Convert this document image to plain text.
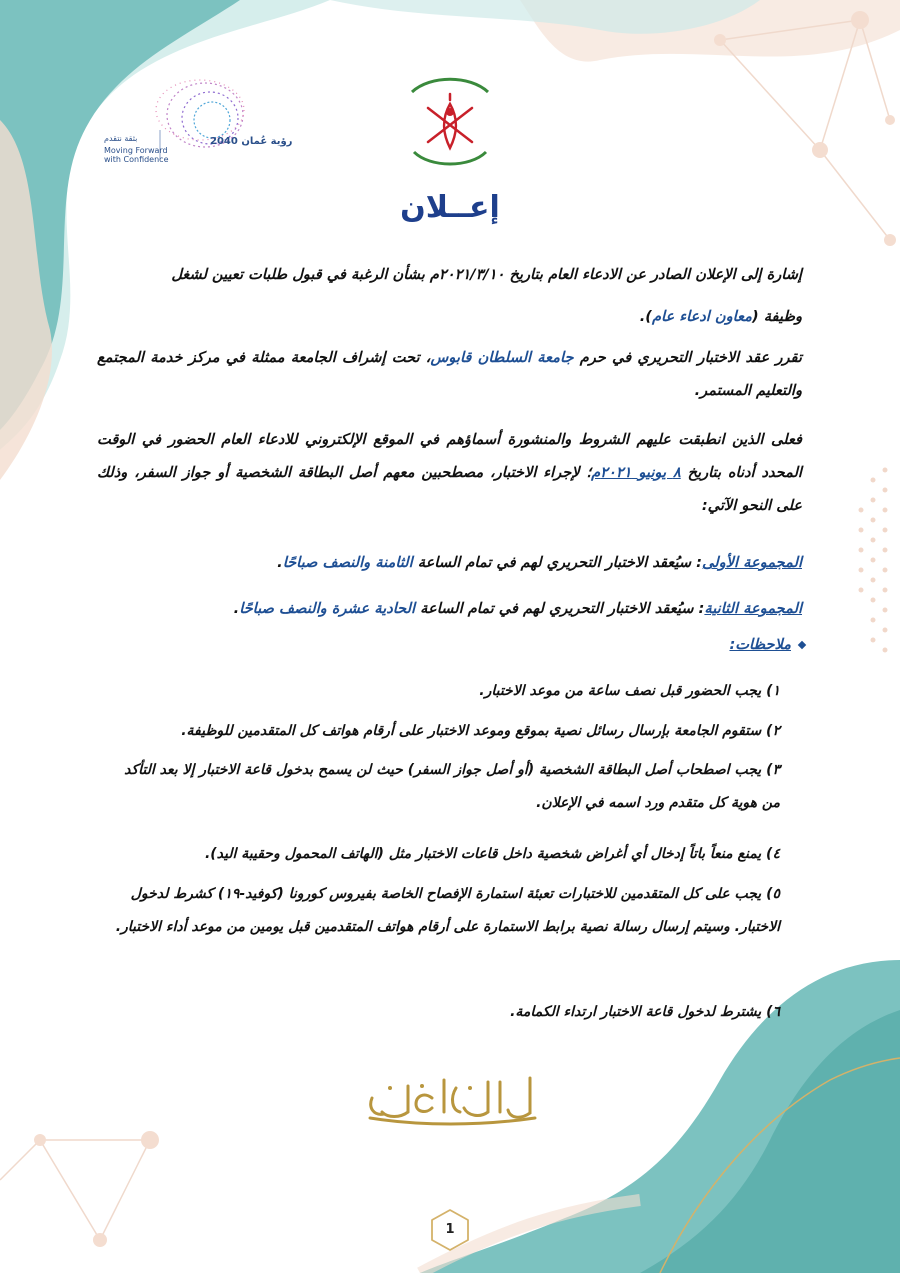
رؤية عُمان 2040
بثقة نتقدم
Moving Forward
with Confidence
إعــلان
إشارة إلى الإعلان الصادر عن الادعاء العام بتاريخ ٢٠٢١/٣/١٠م بشأن الرغبة في قبول طلبات تعيين لشغل
وظيفة (معاون ادعاء عام).
تقرر عقد الاختبار التحريري في حرم جامعة السلطان قابوس، تحت إشراف الجامعة ممثلة في مركز خدمة المجتمع والتعليم المستمر.
فعلى الذين انطبقت عليهم الشروط والمنشورة أسماؤهم في الموقع الإلكتروني للادعاء العام الحضور في الوقت المحدد أدناه بتاريخ ٨ يونيو ٢٠٢١م؛ لإجراء الاختبار، مصطحبين معهم أصل البطاقة الشخصية أو جواز السفر، وذلك على النحو الآتي:
المجموعة الأولى: سيُعقد الاختبار التحريري لهم في تمام الساعة الثامنة والنصف صباحًا.
المجموعة الثانية: سيُعقد الاختبار التحريري لهم في تمام الساعة الحادية عشرة والنصف صباحًا.
ملاحظات:
١) يجب الحضور قبل نصف ساعة من موعد الاختبار.
٢) ستقوم الجامعة بإرسال رسائل نصية بموقع وموعد الاختبار على أرقام هواتف كل المتقدمين للوظيفة.
٣) يجب اصطحاب أصل البطاقة الشخصية (أو أصل جواز السفر) حيث لن يسمح بدخول قاعة الاختبار إلا بعد التأكد من هوية كل متقدم ورد اسمه في الإعلان.
٤) يمنع منعاً باتاً إدخال أي أغراض شخصية داخل قاعات الاختبار مثل (الهاتف المحمول وحقيبة اليد).
٥) يجب على كل المتقدمين للاختبارات تعبئة استمارة الإفصاح الخاصة بفيروس كورونا (كوفيد-١٩) كشرط لدخول الاختبار. وسيتم إرسال رسالة نصية برابط الاستمارة على أرقام هواتف المتقدمين قبل يومين من موعد أداء الاختبار.
٦) يشترط لدخول قاعة الاختبار ارتداء الكمامة.
1
